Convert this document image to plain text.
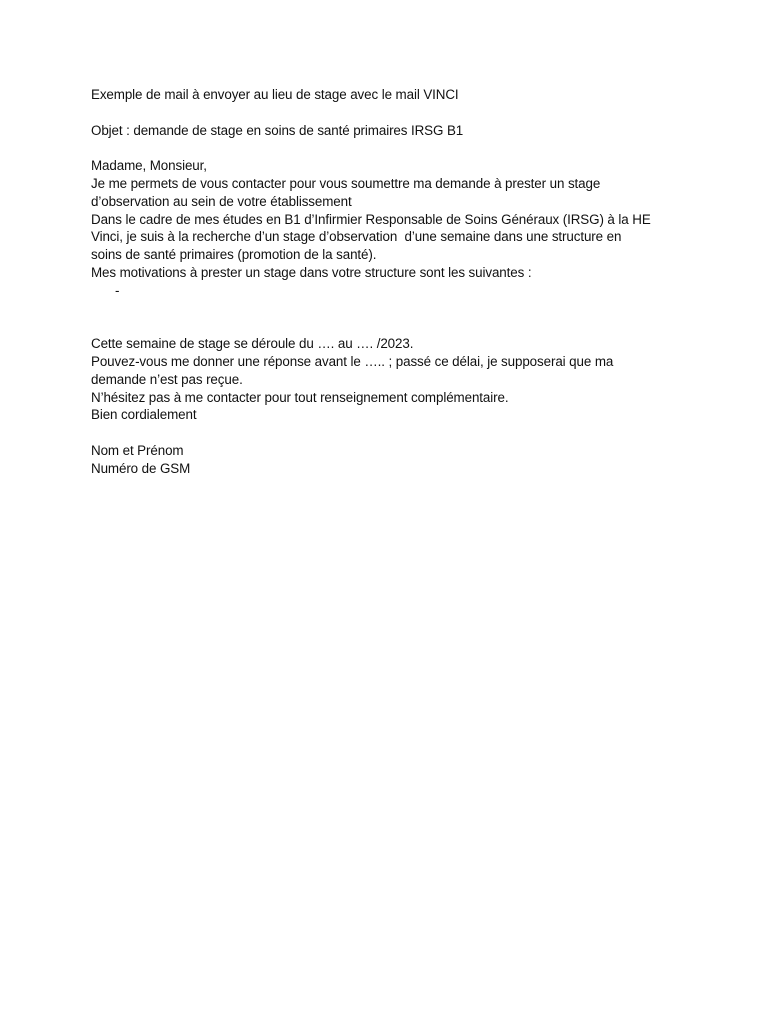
Exemple de mail à envoyer au lieu de stage avec le mail VINCI
Objet : demande de stage en soins de santé primaires IRSG B1
Madame, Monsieur,
Je me permets de vous contacter pour vous soumettre ma demande à prester un stage
d’observation au sein de votre établissement
Dans le cadre de mes études en B1 d’Infirmier Responsable de Soins Généraux (IRSG) à la HE
Vinci, je suis à la recherche d’un stage d’observation  d’une semaine dans une structure en
soins de santé primaires (promotion de la santé).
Mes motivations à prester un stage dans votre structure sont les suivantes :
-
Cette semaine de stage se déroule du …. au …. /2023.
Pouvez-vous me donner une réponse avant le ….. ; passé ce délai, je supposerai que ma
demande n’est pas reçue.
N’hésitez pas à me contacter pour tout renseignement complémentaire.
Bien cordialement
Nom et Prénom
Numéro de GSM
